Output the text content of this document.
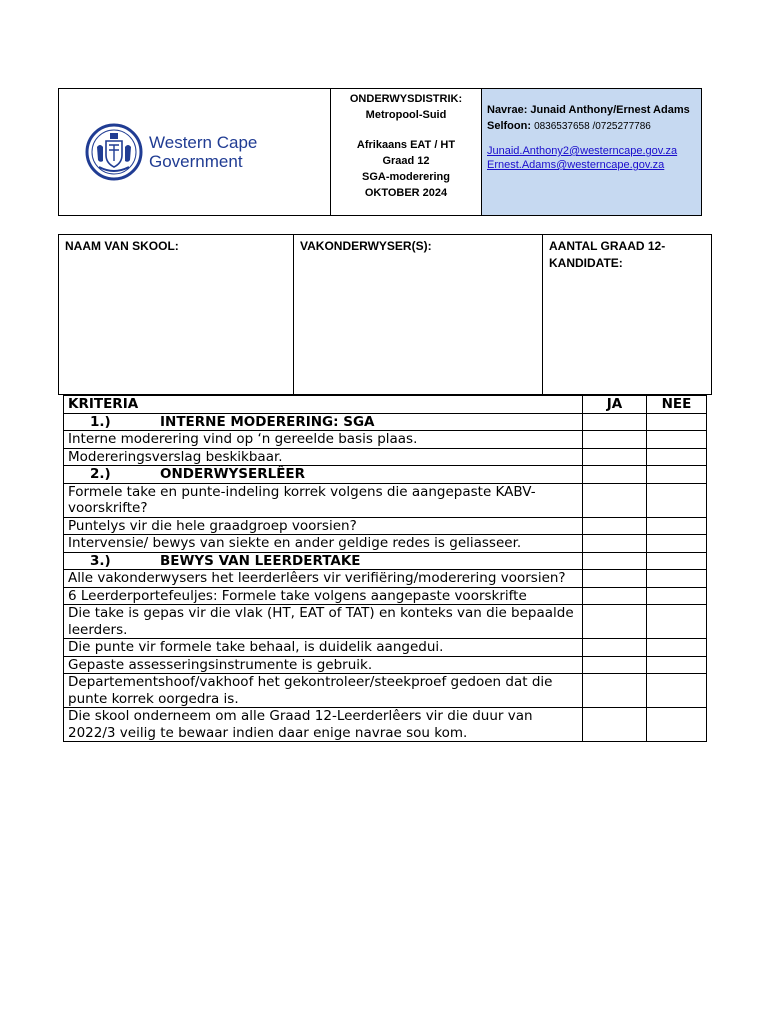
Western Cape
Government

ONDERWYSDISTRIK:
Metropool-Suid
Afrikaans EAT / HT
Graad 12
SGA-moderering
OKTOBER 2024

Navrae: Junaid Anthony/Ernest Adams
Selfoon: 0836537658 /0725277786
Junaid.Anthony2@westerncape.gov.za
Ernest.Adams@westerncape.gov.za
NAAM VAN SKOOL:	VAKONDERWYSER(S):	AANTAL GRAAD 12-KANDIDATE:
KRITERIA	JA	NEE
1.) INTERNE MODERERING: SGA		
Interne moderering vind op ‘n gereelde basis plaas.		
Modereringsverslag beskikbaar.		
2.) ONDERWYSERLÊER		
Formele take en punte-indeling korrek volgens die aangepaste KABV-voorskrifte?		
Puntelys vir die hele graadgroep voorsien?		
Intervensie/ bewys van siekte en ander geldige redes is geliasseer.		
3.) BEWYS VAN LEERDERTAKE		
Alle vakonderwysers het leerderlêers vir verifiëring/moderering voorsien?		
6 Leerderportefeuljes: Formele take volgens aangepaste voorskrifte		
Die take is gepas vir die vlak (HT, EAT of TAT) en konteks van die bepaalde leerders.		
Die punte vir formele take behaal, is duidelik aangedui.		
Gepaste assesseringsinstrumente is gebruik.		
Departementshoof/vakhoof het gekontroleer/steekproef gedoen dat die punte korrek oorgedra is.		
Die skool onderneem om alle Graad 12-Leerderlêers vir die duur van 2022/3 veilig te bewaar indien daar enige navrae sou kom.		
